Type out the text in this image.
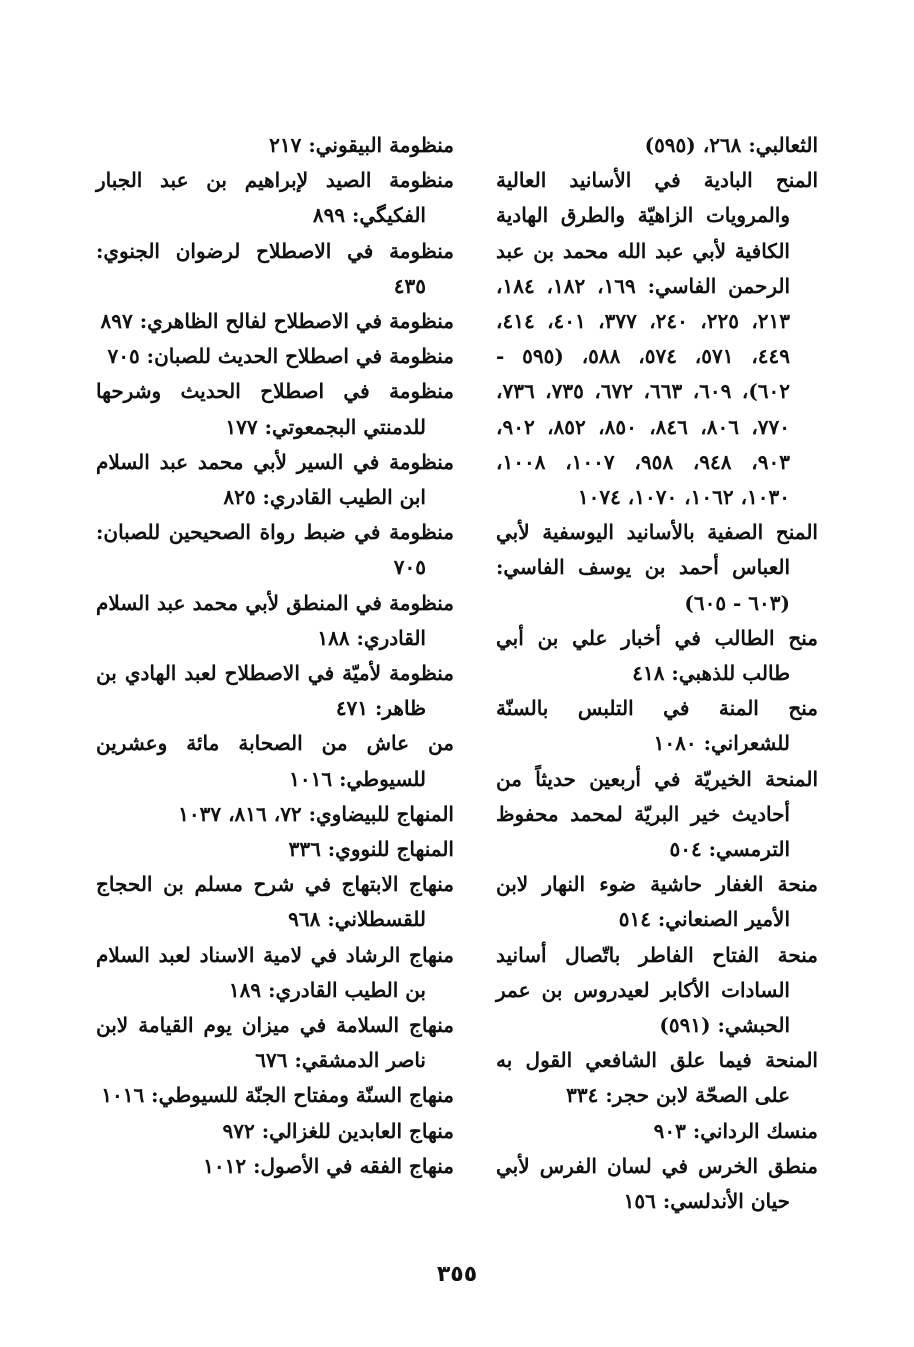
الثعالبي: ٢٦٨، (٥٩٥)
المنح البادية في الأسانيد العالية والمرويات الزاهيّة والطرق الهادية الكافية لأبي عبد الله محمد بن عبد الرحمن الفاسي: ١٦٩، ١٨٢، ١٨٤، ٢١٣، ٢٢٥، ٢٤٠، ٣٧٧، ٤٠١، ٤١٤، ٤٤٩، ٥٧١، ٥٧٤، ٥٨٨، (٥٩٥ - ٦٠٢)، ٦٠٩، ٦٦٣، ٦٧٢، ٧٣٥، ٧٣٦، ٧٧٠، ٨٠٦، ٨٤٦، ٨٥٠، ٨٥٢، ٩٠٢، ٩٠٣، ٩٤٨، ٩٥٨، ١٠٠٧، ١٠٠٨، ١٠٣٠، ١٠٦٢، ١٠٧٠، ١٠٧٤
المنح الصفية بالأسانيد اليوسفية لأبي العباس أحمد بن يوسف الفاسي: (٦٠٣ - ٦٠٥)
منح الطالب في أخبار علي بن أبي طالب للذهبي: ٤١٨
منح المنة في التلبس بالسنّة للشعراني: ١٠٨٠
المنحة الخيريّة في أربعين حديثاً من أحاديث خير البريّة لمحمد محفوظ الترمسي: ٥٠٤
منحة الغفار حاشية ضوء النهار لابن الأمير الصنعاني: ٥١٤
منحة الفتاح الفاطر باتّصال أسانيد السادات الأكابر لعيدروس بن عمر الحبشي: (٥٩١)
المنحة فيما علق الشافعي القول به على الصحّة لابن حجر: ٣٣٤
منسك الرداني: ٩٠٣
منطق الخرس في لسان الفرس لأبي حيان الأندلسي: ١٥٦
منظومة البيقوني: ٢١٧
منظومة الصيد لإبراهيم بن عبد الجبار الفكيگي: ٨٩٩
منظومة في الاصطلاح لرضوان الجنوي: ٤٣٥
منظومة في الاصطلاح لفالح الظاهري: ٨٩٧
منظومة في اصطلاح الحديث للصبان: ٧٠٥
منظومة في اصطلاح الحديث وشرحها للدمنتي البجمعوتي: ١٧٧
منظومة في السير لأبي محمد عبد السلام ابن الطيب القادري: ٨٢٥
منظومة في ضبط رواة الصحيحين للصبان: ٧٠٥
منظومة في المنطق لأبي محمد عبد السلام القادري: ١٨٨
منظومة لأميّة في الاصطلاح لعبد الهادي بن ظاهر: ٤٧١
من عاش من الصحابة مائة وعشرين للسيوطي: ١٠١٦
المنهاج للبيضاوي: ٧٢، ٨١٦، ١٠٣٧
المنهاج للنووي: ٣٣٦
منهاج الابتهاج في شرح مسلم بن الحجاج للقسطلاني: ٩٦٨
منهاج الرشاد في لامية الاسناد لعبد السلام بن الطيب القادري: ١٨٩
منهاج السلامة في ميزان يوم القيامة لابن ناصر الدمشقي: ٦٧٦
منهاج السنّة ومفتاح الجنّة للسيوطي: ١٠١٦
منهاج العابدين للغزالي: ٩٧٢
منهاج الفقه في الأصول: ١٠١٢
٣٥٥
